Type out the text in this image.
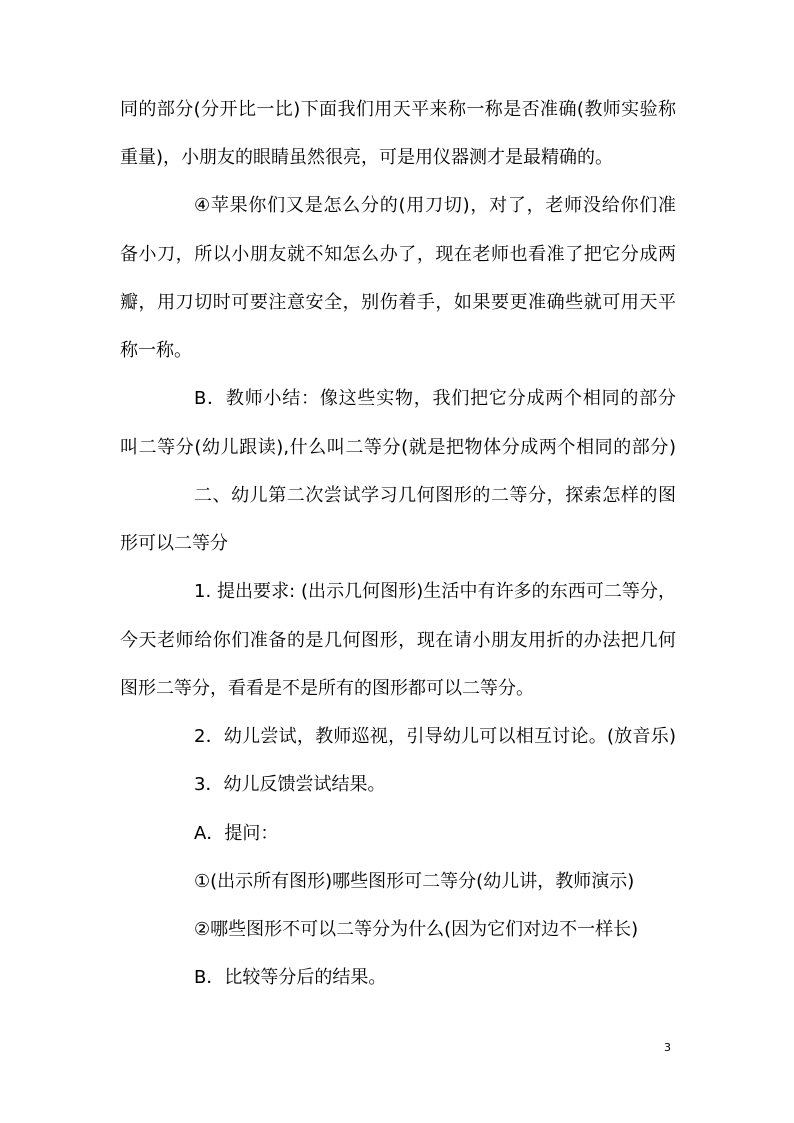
同的部分(分开比一比)下面我们用天平来称一称是否准确(教师实验称
重量)，小朋友的眼睛虽然很亮，可是用仪器测才是最精确的。
④苹果你们又是怎么分的(用刀切)，对了，老师没给你们准
备小刀，所以小朋友就不知怎么办了，现在老师也看准了把它分成两
瓣，用刀切时可要注意安全，别伤着手，如果要更准确些就可用天平
称一称。
B．教师小结：像这些实物，我们把它分成两个相同的部分
叫二等分(幼儿跟读),什么叫二等分(就是把物体分成两个相同的部分)
二、幼儿第二次尝试学习几何图形的二等分，探索怎样的图
形可以二等分
1. 提出要求: (出示几何图形)生活中有许多的东西可二等分，
今天老师给你们准备的是几何图形，现在请小朋友用折的办法把几何
图形二等分，看看是不是所有的图形都可以二等分。
2．幼儿尝试，教师巡视，引导幼儿可以相互讨论。(放音乐)
3．幼儿反馈尝试结果。
A．提问：
①(出示所有图形)哪些图形可二等分(幼儿讲，教师演示)
②哪些图形不可以二等分为什么(因为它们对边不一样长)
B．比较等分后的结果。
3
